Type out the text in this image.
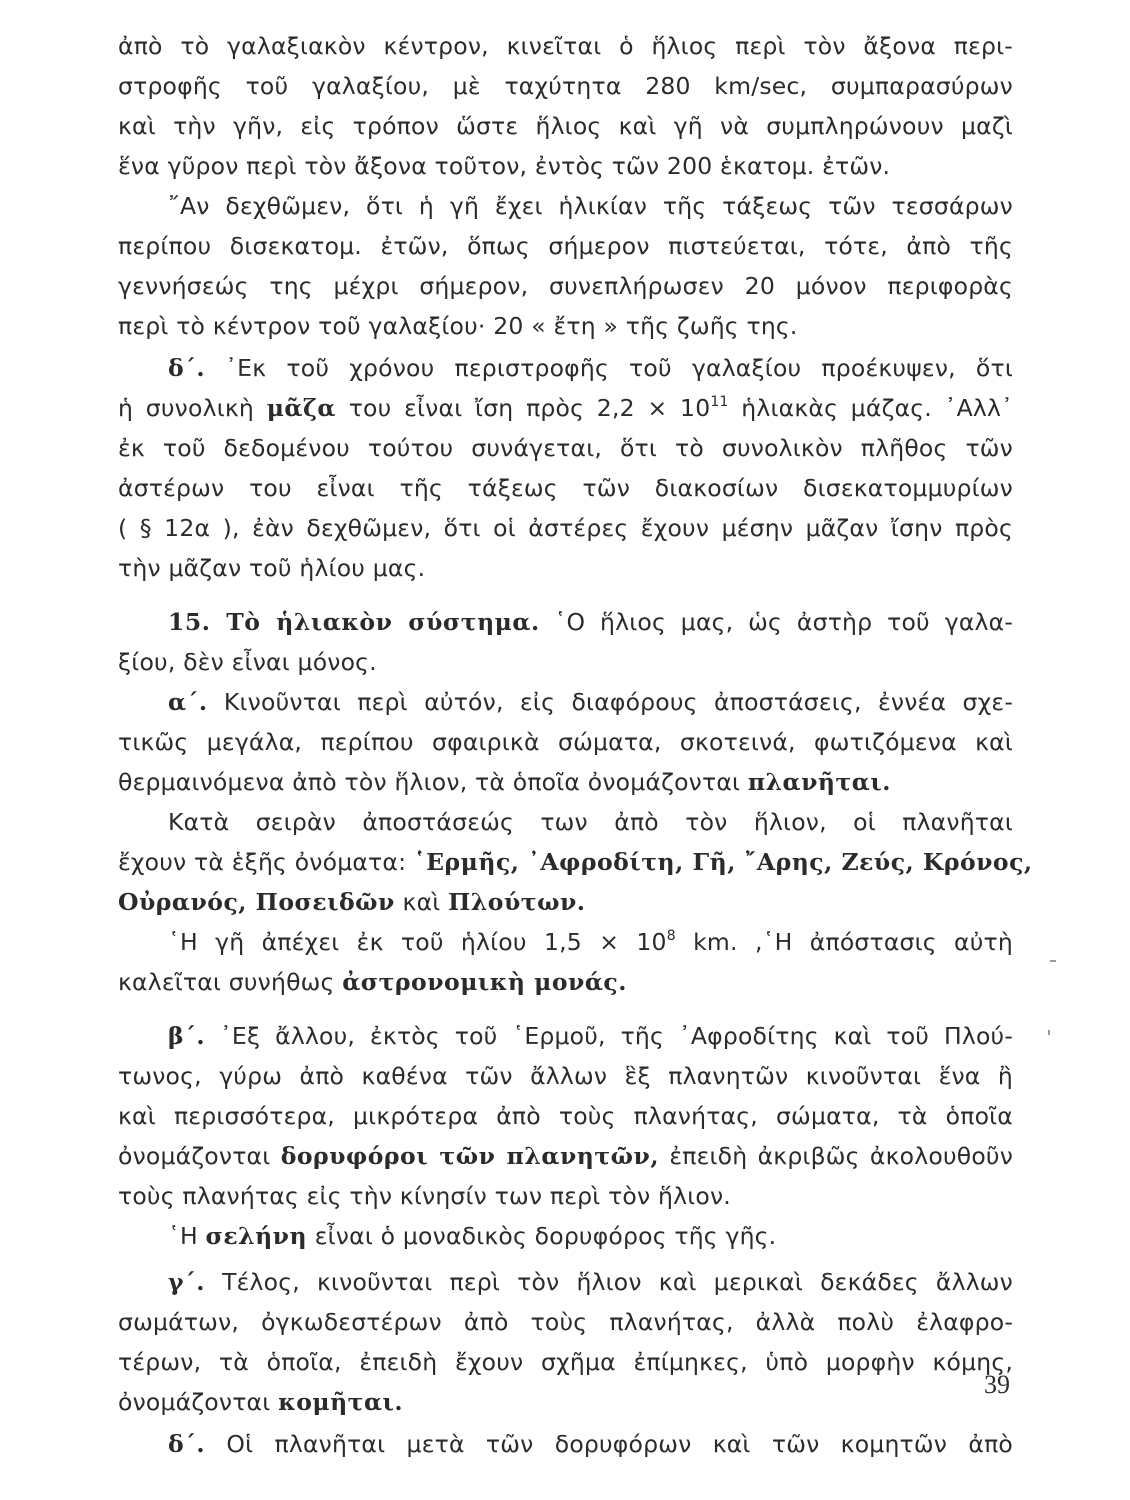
ἀπὸ τὸ γαλαξιακὸν κέντρον, κινεῖται ὁ ἥλιος περὶ τὸν ἄξονα περι-
στροφῆς τοῦ γαλαξίου, μὲ ταχύτητα 280 km/sec, συμπαρασύρων
καὶ τὴν γῆν, εἰς τρόπον ὥστε ἥλιος καὶ γῆ νὰ συμπληρώνουν μαζὶ
ἕνα γῦρον περὶ τὸν ἄξονα τοῦτον, ἐντὸς τῶν 200 ἑκατομ. ἐτῶν.
῎Αν δεχθῶμεν, ὅτι ἡ γῆ ἔχει ἡλικίαν τῆς τάξεως τῶν τεσσάρων
περίπου δισεκατομ. ἐτῶν, ὅπως σήμερον πιστεύεται, τότε, ἀπὸ τῆς
γεννήσεώς της μέχρι σήμερον, συνεπλήρωσεν 20 μόνον περιφορὰς
περὶ τὸ κέντρον τοῦ γαλαξίου· 20 « ἔτη » τῆς ζωῆς της.
δ΄. ᾿Εκ τοῦ χρόνου περιστροφῆς τοῦ γαλαξίου προέκυψεν, ὅτι
ἡ συνολικὴ μᾶζα του εἶναι ἴση πρὸς $2,2 \times 10^{11}$ ἡλιακὰς μάζας. ᾿Αλλ᾿
ἐκ τοῦ δεδομένου τούτου συνάγεται, ὅτι τὸ συνολικὸν πλῆθος τῶν
ἀστέρων του εἶναι τῆς τάξεως τῶν διακοσίων δισεκατομμυρίων
( § 12α ), ἐὰν δεχθῶμεν, ὅτι οἱ ἀστέρες ἔχουν μέσην μᾶζαν ἴσην πρὸς
τὴν μᾶζαν τοῦ ἡλίου μας.
15. Τὸ ἡλιακὸν σύστημα. ῾Ο ἥλιος μας, ὡς ἀστὴρ τοῦ γαλα-
ξίου, δὲν εἶναι μόνος.
α΄. Κινοῦνται περὶ αὐτόν, εἰς διαφόρους ἀποστάσεις, ἐννέα σχε-
τικῶς μεγάλα, περίπου σφαιρικὰ σώματα, σκοτεινά, φωτιζόμενα καὶ
θερμαινόμενα ἀπὸ τὸν ἥλιον, τὰ ὁποῖα ὀνομάζονται πλανῆται.
Κατὰ σειρὰν ἀποστάσεώς των ἀπὸ τὸν ἥλιον, οἱ πλανῆται
ἔχουν τὰ ἑξῆς ὀνόματα: ῾Ερμῆς, ᾿Αφροδίτη, Γῆ, ῎Αρης, Ζεύς, Κρόνος,
Οὐρανός, Ποσειδῶν καὶ Πλούτων.
῾Η γῆ ἀπέχει ἐκ τοῦ ἡλίου $1,5 \times 10^8$ km. ,῾Η ἀπόστασις αὐτὴ
καλεῖται συνήθως ἀστρονομικὴ μονάς.
β΄. ᾿Εξ ἄλλου, ἐκτὸς τοῦ ῾Ερμοῦ, τῆς ᾿Αφροδίτης καὶ τοῦ Πλού-
τωνος, γύρω ἀπὸ καθένα τῶν ἄλλων ἓξ πλανητῶν κινοῦνται ἕνα ἢ
καὶ περισσότερα, μικρότερα ἀπὸ τοὺς πλανήτας, σώματα, τὰ ὁποῖα
ὀνομάζονται δορυφόροι τῶν πλανητῶν, ἐπειδὴ ἀκριβῶς ἀκολουθοῦν
τοὺς πλανήτας εἰς τὴν κίνησίν των περὶ τὸν ἥλιον.
῾Η σελήνη εἶναι ὁ μοναδικὸς δορυφόρος τῆς γῆς.
γ΄. Τέλος, κινοῦνται περὶ τὸν ἥλιον καὶ μερικαὶ δεκάδες ἄλλων
σωμάτων, ὀγκωδεστέρων ἀπὸ τοὺς πλανήτας, ἀλλὰ πολὺ ἐλαφρο-
τέρων, τὰ ὁποῖα, ἐπειδὴ ἔχουν σχῆμα ἐπίμηκες, ὑπὸ μορφὴν κόμης,
ὀνομάζονται κομῆται.
δ΄. Οἱ πλανῆται μετὰ τῶν δορυφόρων καὶ τῶν κομητῶν ἀπὸ
39
